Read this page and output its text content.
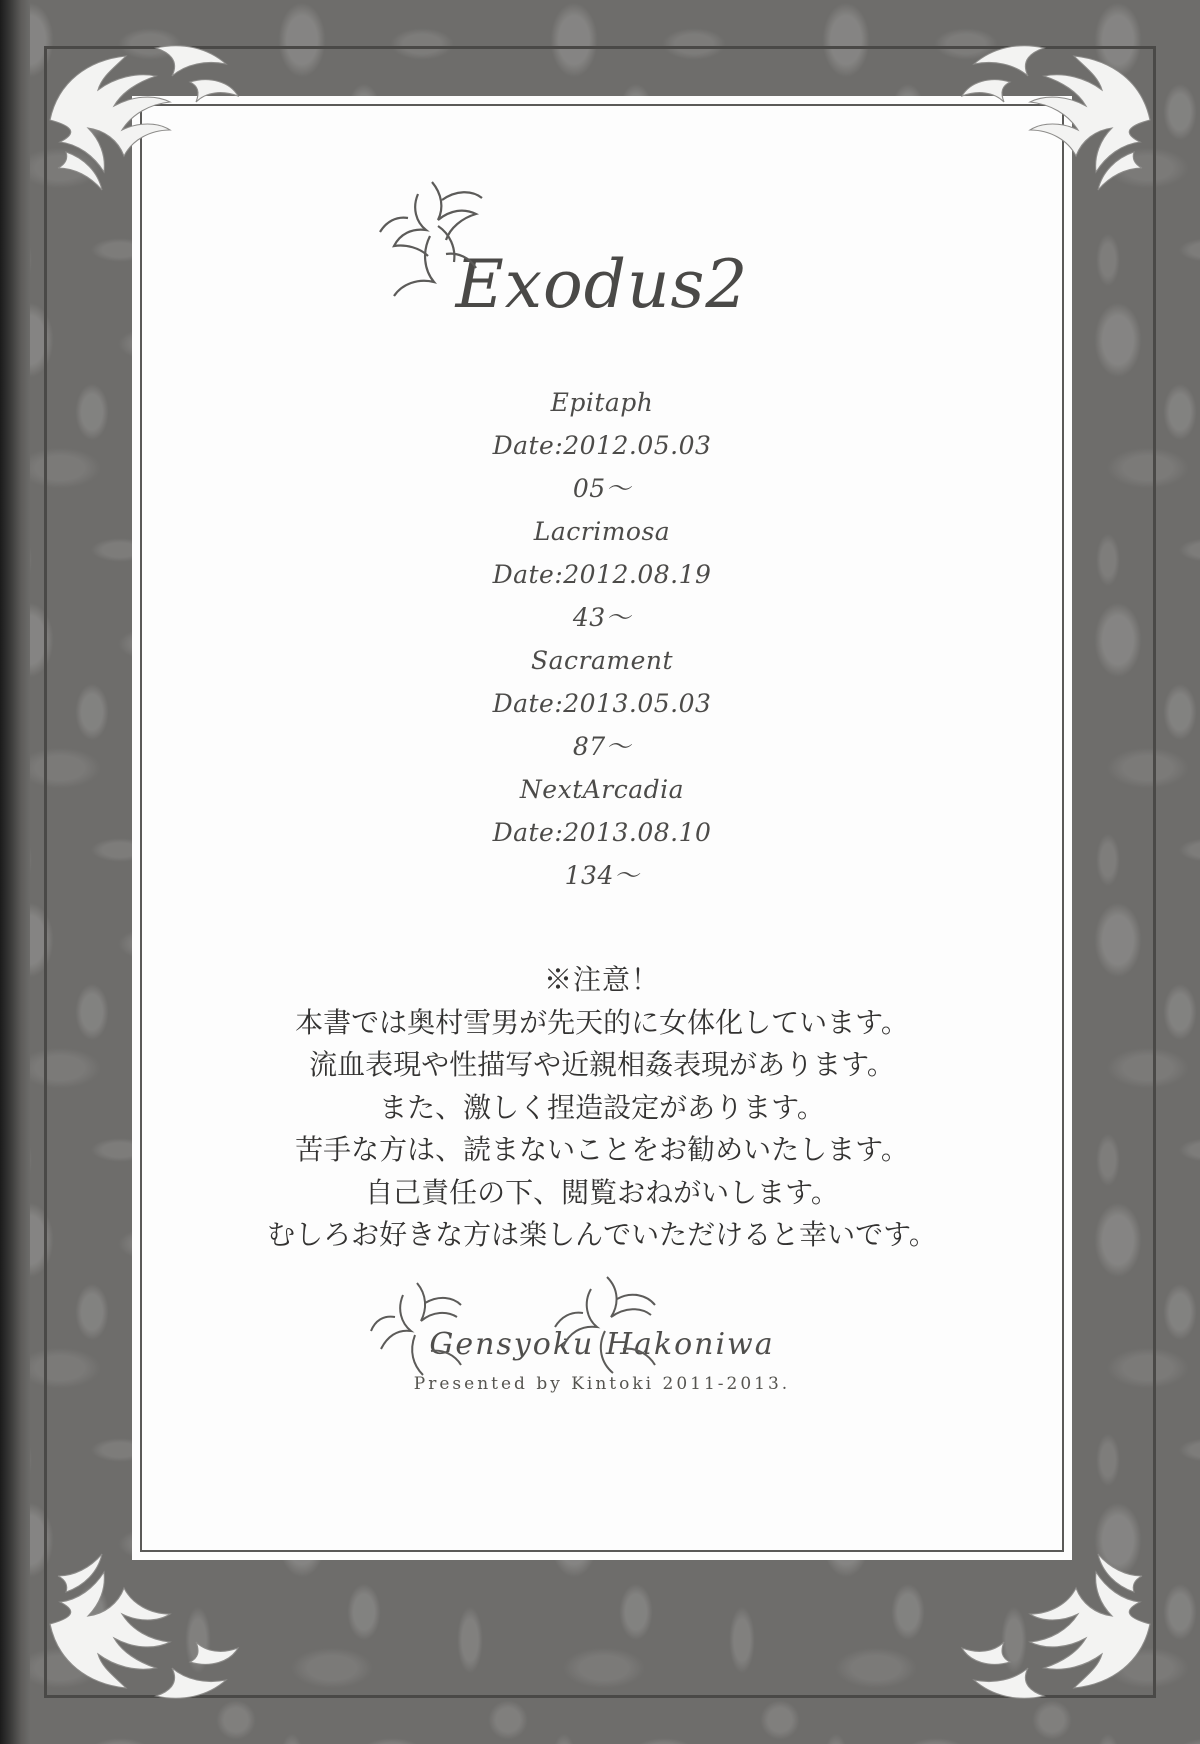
Exodus2
Epitaph
Date:2012.05.03
05〜
Lacrimosa
Date:2012.08.19
43〜
Sacrament
Date:2013.05.03
87〜
NextArcadia
Date:2013.08.10
134〜
※注意！
本書では奥村雪男が先天的に女体化しています。
流血表現や性描写や近親相姦表現があります。
また、激しく捏造設定があります。
苦手な方は、読まないことをお勧めいたします。
自己責任の下、閲覧おねがいします。
むしろお好きな方は楽しんでいただけると幸いです。
Gensyoku Hakoniwa
Presented by Kintoki 2011-2013.
